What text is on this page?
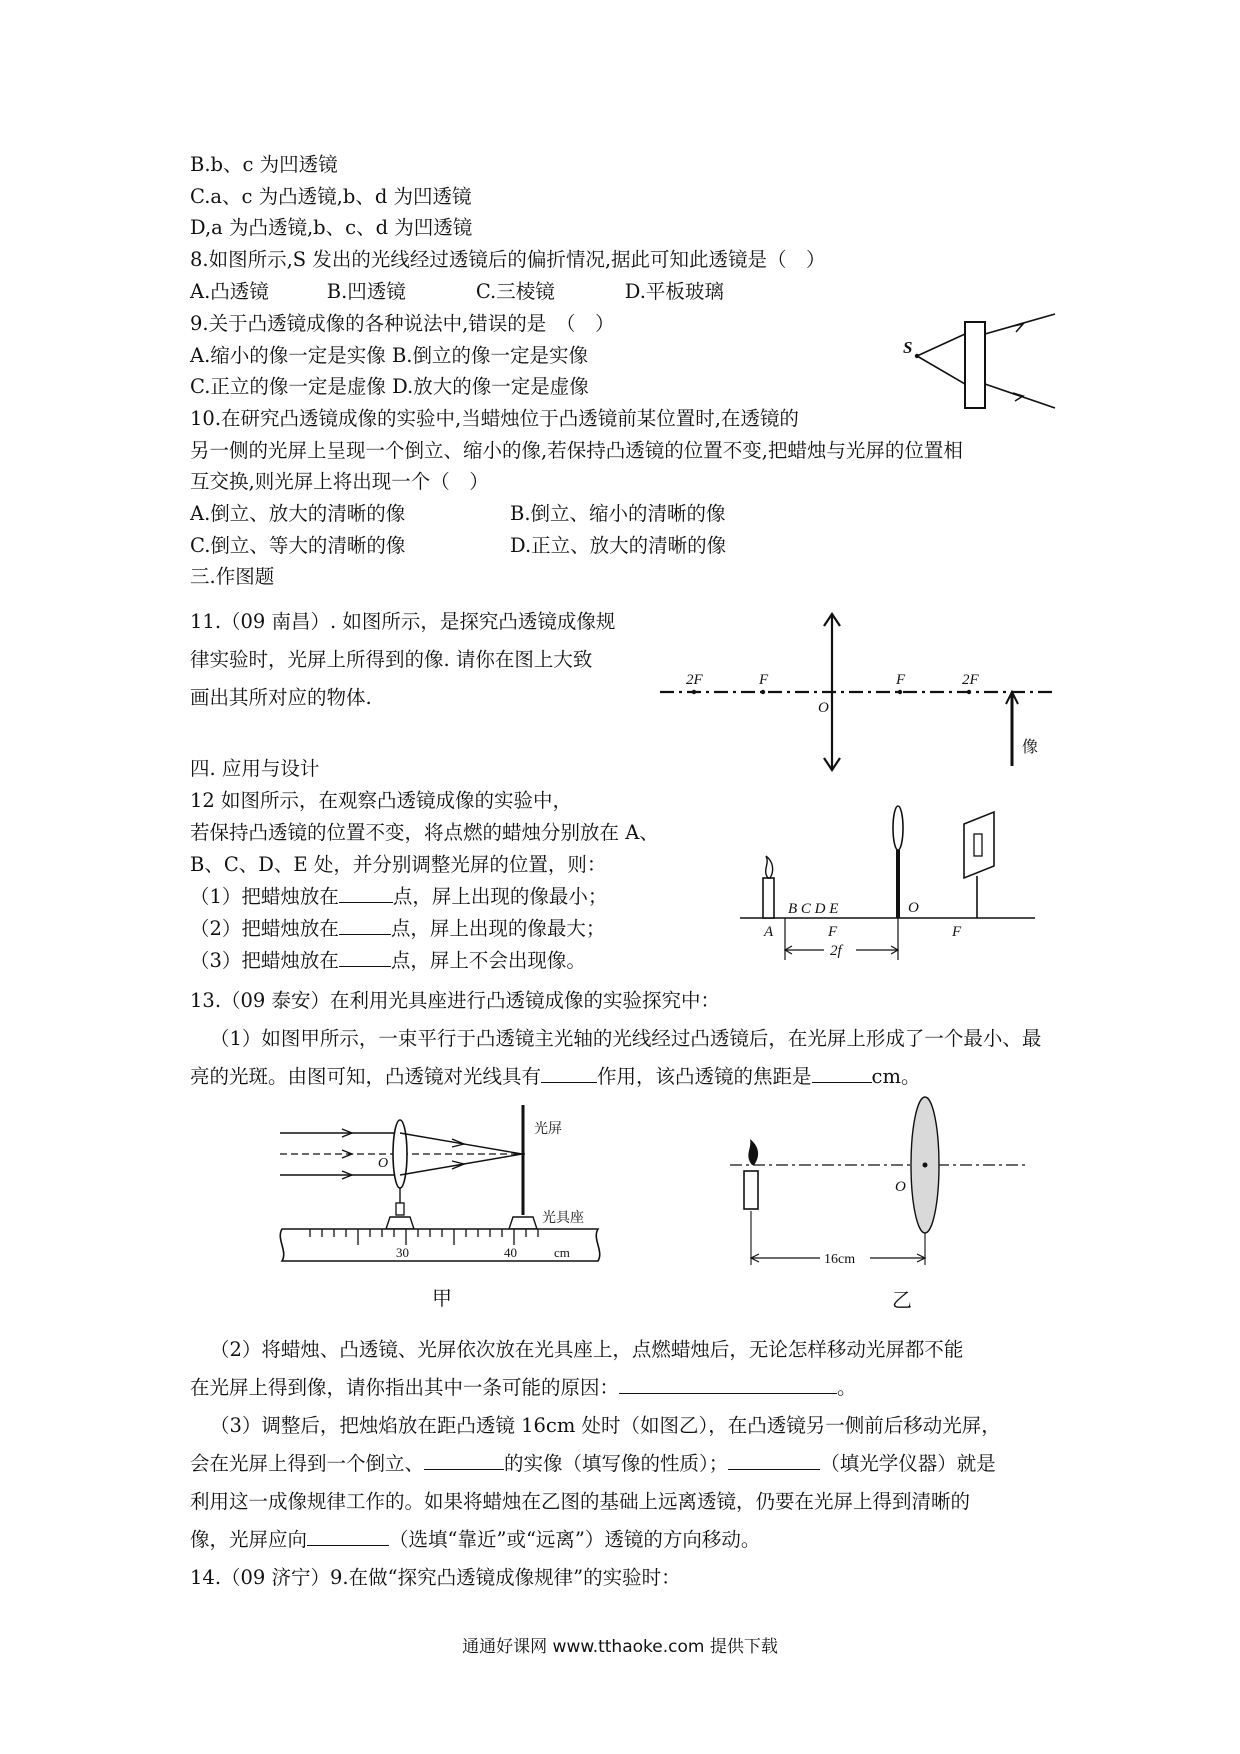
B.b、c 为凹透镜
C.a、c 为凸透镜,b、d 为凹透镜
D,a 为凸透镜,b、c、d 为凹透镜
8.如图所示,S 发出的光线经过透镜后的偏折情况,据此可知此透镜是（　）
A.凸透镜	B.凹透镜	C.三棱镜	D.平板玻璃
S
9.关于凸透镜成像的各种说法中,错误的是　（　）
A.缩小的像一定是实像 B.倒立的像一定是实像
C.正立的像一定是虚像 D.放大的像一定是虚像
10.在研究凸透镜成像的实验中,当蜡烛位于凸透镜前某位置时,在透镜的
另一侧的光屏上呈现一个倒立、缩小的像,若保持凸透镜的位置不变,把蜡烛与光屏的位置相
互交换,则光屏上将出现一个（　）
A.倒立、放大的清晰的像	B.倒立、缩小的清晰的像
C.倒立、等大的清晰的像	D.正立、放大的清晰的像
三.作图题
11.（09 南昌）. 如图所示，是探究凸透镜成像规
律实验时，光屏上所得到的像. 请你在图上大致
画出其所对应的物体.
2F	F
O
F	2F
像
四. 应用与设计
12 如图所示，在观察凸透镜成像的实验中，
若保持凸透镜的位置不变，将点燃的蜡烛分别放在 A、
B、C、D、E 处，并分别调整光屏的位置，则：
（1）把蜡烛放在	点，屏上出现的像最小；
（2）把蜡烛放在	点，屏上出现的像最大；
（3）把蜡烛放在	点，屏上不会出现像。
B C D E
A	F
O
F
2f
13.（09 泰安）在利用光具座进行凸透镜成像的实验探究中：
（1）如图甲所示，一束平行于凸透镜主光轴的光线经过凸透镜后，在光屏上形成了一个最小、最
亮的光斑。由图可知，凸透镜对光线具有	作用，该凸透镜的焦距是	cm。
O
光屏
光具座
30	40	cm
甲
O
16cm
乙
（2）将蜡烛、凸透镜、光屏依次放在光具座上，点燃蜡烛后，无论怎样移动光屏都不能
在光屏上得到像，请你指出其中一条可能的原因：	。
（3）调整后，把烛焰放在距凸透镜 16cm 处时（如图乙），在凸透镜另一侧前后移动光屏，
会在光屏上得到一个倒立、	的实像（填写像的性质）；	（填光学仪器）就是
利用这一成像规律工作的。如果将蜡烛在乙图的基础上远离透镜，仍要在光屏上得到清晰的
像，光屏应向	（选填“靠近”或“远离”）透镜的方向移动。
14.（09 济宁）9.在做“探究凸透镜成像规律”的实验时：
通通好课网 www.tthaoke.com 提供下载
